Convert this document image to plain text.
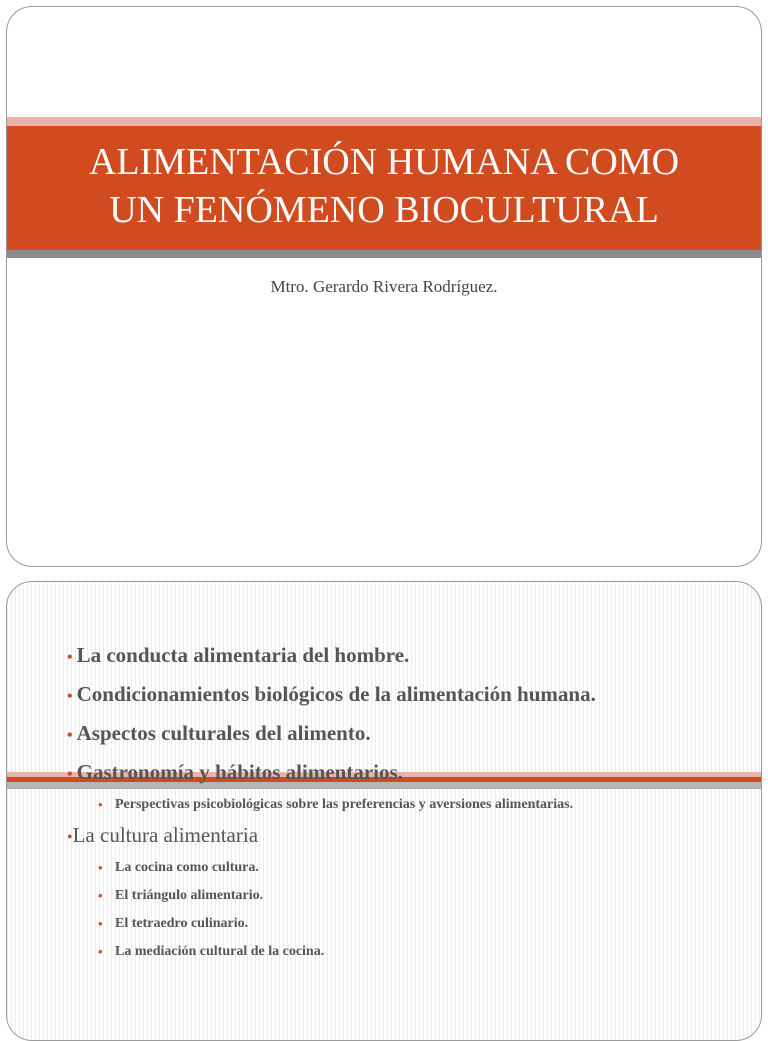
ALIMENTACIÓN HUMANA COMO
UN FENÓMENO BIOCULTURAL
Mtro. Gerardo Rivera Rodríguez.
• La conducta alimentaria del hombre.
• Condicionamientos biológicos de la alimentación humana.
• Aspectos culturales del alimento.
• Gastronomía y hábitos alimentarios.
• Perspectivas psicobiológicas sobre las preferencias y aversiones alimentarias.
•La cultura alimentaria
• La cocina como cultura.
• El triángulo alimentario.
• El tetraedro culinario.
• La mediación cultural de la cocina.
